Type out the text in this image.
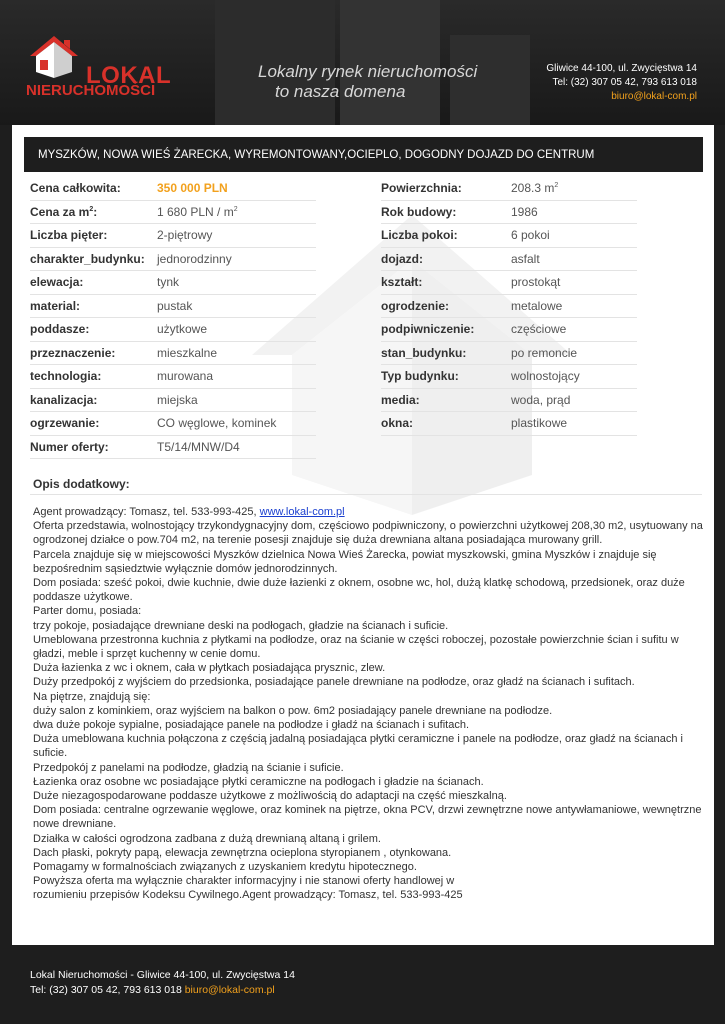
LOKAL
NIERUCHOMOŚCI
Lokalny rynek nieruchomości
to nasza domena
Gliwice 44-100, ul. Zwycięstwa 14
Tel: (32) 307 05 42, 793 613 018
biuro@lokal-com.pl
MYSZKÓW, NOWA WIEŚ ŻARECKA, WYREMONTOWANY,OCIEPLO, DOGODNY DOJAZD DO CENTRUM
Cena całkowita:	350 000 PLN
Cena za $m^2$:	1 680 PLN / $m^2$
Liczba pięter:	2-piętrowy
charakter_budynku:	jednorodzinny
elewacja:	tynk
material:	pustak
poddasze:	użytkowe
przeznaczenie:	mieszkalne
technologia:	murowana
kanalizacja:	miejska
ogrzewanie:	CO węglowe, kominek
Numer oferty:	T5/14/MNW/D4
Powierzchnia:	208.3 $m^2$
Rok budowy:	1986
Liczba pokoi:	6 pokoi
dojazd:	asfalt
kształt:	prostokąt
ogrodzenie:	metalowe
podpiwniczenie:	częściowe
stan_budynku:	po remoncie
Typ budynku:	wolnostojący
media:	woda, prąd
okna:	plastikowe
Opis dodatkowy:

Agent prowadzący: Tomasz, tel. 533-993-425, www.lokal-com.pl

Oferta przedstawia, wolnostojący trzykondygnacyjny dom, częściowo podpiwniczony, o powierzchni użytkowej 208,30 m2, usytuowany na ogrodzonej działce o pow.704 m2, na terenie posesji znajduje się duża drewniana altana posiadająca murowany grill.

Parcela znajduje się w miejscowości Myszków dzielnica Nowa Wieś Żarecka, powiat myszkowski, gmina Myszków i znajduje się bezpośrednim sąsiedztwie wyłącznie domów jednorodzinnych.

Dom posiada: sześć pokoi, dwie kuchnie, dwie duże łazienki z oknem, osobne wc, hol, dużą klatkę schodową, przedsionek, oraz duże poddasze użytkowe.

Parter domu, posiada:

trzy pokoje, posiadające drewniane deski na podłogach, gładzie na ścianach i suficie.

Umeblowana przestronna kuchnia z płytkami na podłodze, oraz na ścianie w części roboczej, pozostałe powierzchnie ścian i sufitu w gładzi, meble i sprzęt kuchenny w cenie domu.

Duża łazienka z wc i oknem, cała w płytkach posiadająca prysznic, zlew.

Duży przedpokój z wyjściem do przedsionka, posiadające panele drewniane na podłodze, oraz gładź na ścianach i sufitach.

Na piętrze, znajdują się:

duży salon z kominkiem, oraz wyjściem na balkon o pow. 6m2 posiadający panele drewniane na podłodze.

dwa duże pokoje sypialne, posiadające panele na podłodze i gładź na ścianach i sufitach.

Duża umeblowana kuchnia połączona z częścią jadalną posiadająca płytki ceramiczne i panele na podłodze, oraz gładź na ścianach i suficie.

Przedpokój z panelami na podłodze, gładzią na ścianie i suficie.

Łazienka oraz osobne wc posiadające płytki ceramiczne na podłogach i gładzie na ścianach.

Duże niezagospodarowane poddasze użytkowe z możliwością do adaptacji na część mieszkalną.

Dom posiada: centralne ogrzewanie węglowe, oraz kominek na piętrze, okna PCV, drzwi zewnętrzne nowe antywłamaniowe, wewnętrzne nowe drewniane.

Działka w całości ogrodzona zadbana z dużą drewnianą altaną i grilem.

Dach płaski, pokryty papą, elewacja zewnętrzna ocieplona styropianem , otynkowana.

Pomagamy w formalnościach związanych z uzyskaniem kredytu hipotecznego.

Powyższa oferta ma wyłącznie charakter informacyjny i nie stanowi oferty handlowej w

rozumieniu przepisów Kodeksu Cywilnego.Agent prowadzący: Tomasz, tel. 533-993-425

Lokal Nieruchomości - Gliwice 44-100, ul. Zwycięstwa 14
Tel: (32) 307 05 42, 793 613 018 biuro@lokal-com.pl
